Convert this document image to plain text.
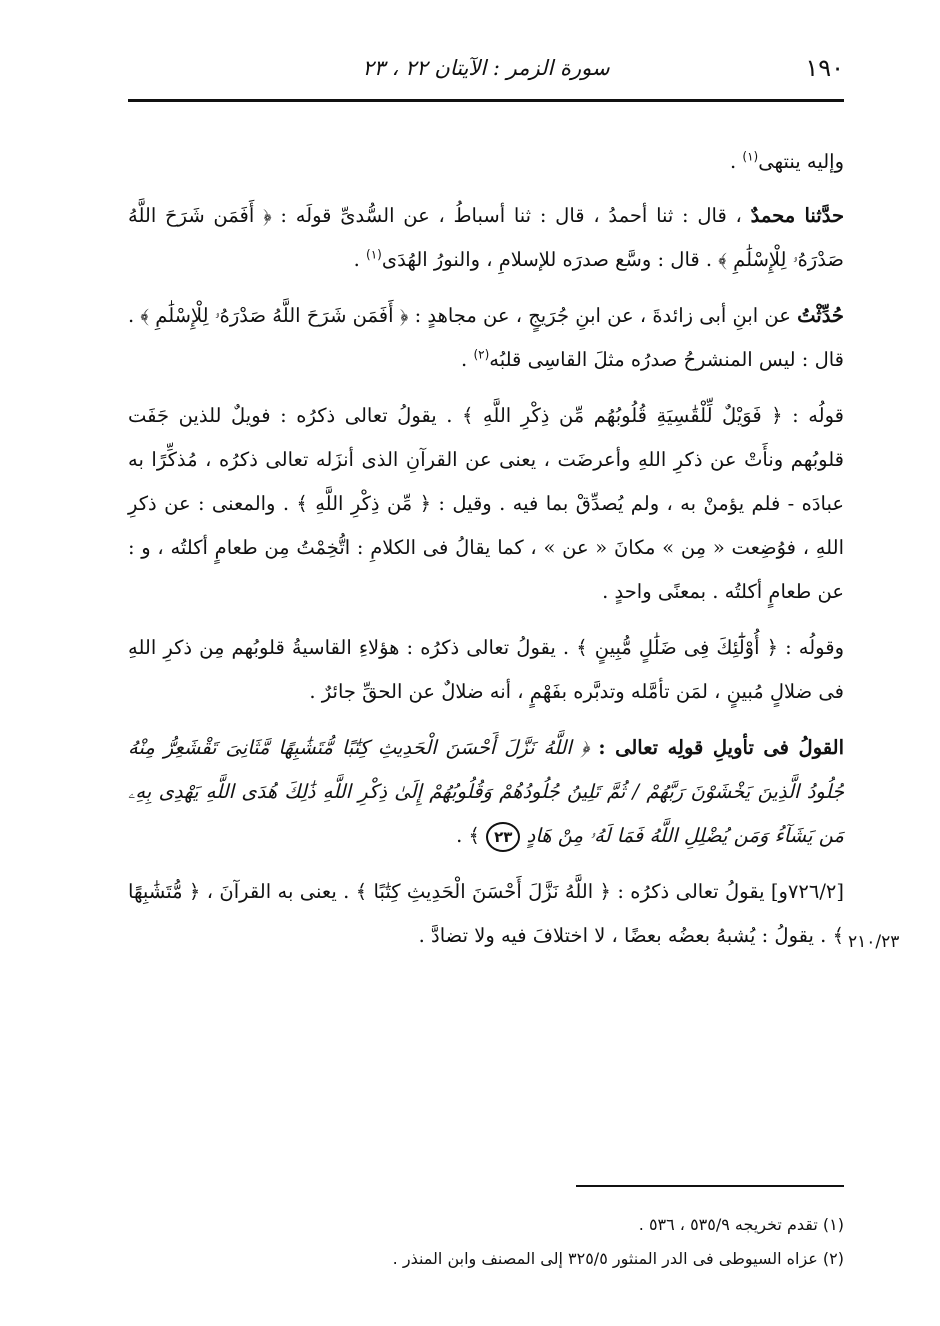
١٩٠
سورة الزمر : الآيتان ٢٢ ، ٢٣

وإليه ينتهى$^{(١)}$ .

حدَّثنا محمدٌ ، قال : ثنا أحمدُ ، قال : ثنا أسباطُ ، عن السُّدىِّ قولَه : ﴿ أَفَمَن شَرَحَ اللَّهُ صَدْرَهُۥ لِلْإِسْلَٰمِ ﴾ . قال : وسَّع صدرَه للإسلامِ ، والنورُ الهُدَى$^{(١)}$ .

حُدِّثْتُ عن ابنِ أبى زائدةَ ، عن ابنِ جُرَيجٍ ، عن مجاهدٍ : ﴿ أَفَمَن شَرَحَ اللَّهُ صَدْرَهُۥ لِلْإِسْلَٰمِ ﴾ . قال : ليس المنشرحُ صدرُه مثلَ القاسِى قلبُه$^{(٢)}$ .

قولُه : ﴿ فَوَيْلٌ لِّلْقَٰسِيَةِ قُلُوبُهُم مِّن ذِكْرِ اللَّهِ ﴾ . يقولُ تعالى ذكرُه : فويلٌ للذين جَفَت قلوبُهم ونأَتْ عن ذكرِ اللهِ وأعرضَت ، يعنى عن القرآنِ الذى أنزَله تعالى ذكرُه ، مُذكِّرًا به عبادَه - فلم يؤمنْ به ، ولم يُصدِّقْ بما فيه . وقيل : ﴿ مِّن ذِكْرِ اللَّهِ ﴾ . والمعنى : عن ذكرِ اللهِ ، فوُضِعت « مِن » مكانَ « عن » ، كما يقالُ فى الكلامِ : اتُّخِمْتُ مِن طعامٍ أكلتُه ، و : عن طعامٍ أكلتُه . بمعنًى واحدٍ .

وقولُه : ﴿ أُوْلَٰٓئِكَ فِى ضَلَٰلٍ مُّبِينٍ ﴾ . يقولُ تعالى ذكرُه : هؤلاءِ القاسيةُ قلوبُهم مِن ذكرِ اللهِ فى ضلالٍ مُبينٍ ، لمَن تأمَّله وتدبَّره بفَهْمٍ ، أنه ضلالٌ عن الحقِّ جائرٌ .

القولُ فى تأويلِ قولِه تعالى : ﴿ اللَّهُ نَزَّلَ أَحْسَنَ الْحَدِيثِ كِتَٰبًا مُّتَشَٰبِهًا مَّثَانِىَ تَقْشَعِرُّ مِنْهُ جُلُودُ الَّذِينَ يَخْشَوْنَ رَبَّهُمْ / ثُمَّ تَلِينُ جُلُودُهُمْ وَقُلُوبُهُمْ إِلَىٰ ذِكْرِ اللَّهِ ذَٰلِكَ هُدَى اللَّهِ يَهْدِى بِهِۦ مَن يَشَآءُ وَمَن يُضْلِلِ اللَّهُ فَمَا لَهُۥ مِنْ هَادٍ ٢٣ ﴾ .

[٧٢٦/٢و] يقولُ تعالى ذكرُه : ﴿ اللَّهُ نَزَّلَ أَحْسَنَ الْحَدِيثِ كِتَٰبًا ﴾ . يعنى به القرآنَ ، ﴿ مُّتَشَٰبِهًا ﴾ . يقولُ : يُشبهُ بعضُه بعضًا ، لا اختلافَ فيه ولا تضادَّ . ٢١٠/٢٣

(١) تقدم تخريجه ٥٣٥/٩ ، ٥٣٦ .

(٢) عزاه السيوطى فى الدر المنثور ٣٢٥/٥ إلى المصنف وابن المنذر .
